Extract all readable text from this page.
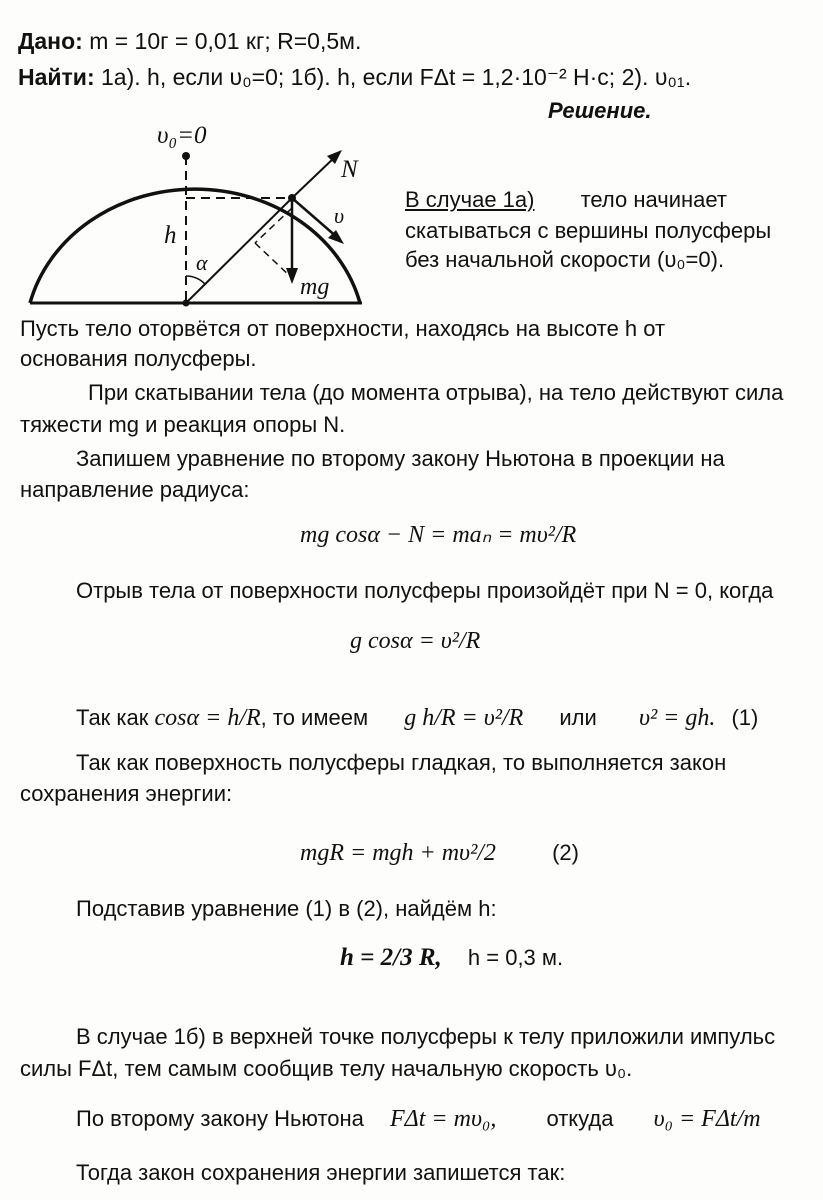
Дано: m = 10г = 0,01 кг; R=0,5м.
Найти: 1а). h, если υ₀=0; 1б). h, если FΔt = 1,2·10⁻² H·c; 2). υ₀₁.
Решение.
υ₀=0
N
υ
h
α
mg
В случае 1а) тело начинает
скатываться с вершины полусферы
без начальной скорости (υ₀=0).
Пусть тело оторвётся от поверхности, находясь на высоте h от
основания полусферы.
При скатывании тела (до момента отрыва), на тело действуют сила
тяжести mg и реакция опоры N.
Запишем уравнение по второму закону Ньютона в проекции на
направление радиуса:
mg cosα − N = maₙ = mυ²/R
Отрыв тела от поверхности полусферы произойдёт при N = 0, когда
g cosα = υ²/R
Так как cosα = h/R, то имеем g h/R = υ²/R или υ² = gh. (1)
Так как поверхность полусферы гладкая, то выполняется закон
сохранения энергии:
mgR = mgh + mυ²/2	(2)
Подставив уравнение (1) в (2), найдём h:
h = 2/3 R, h = 0,3 м.
В случае 1б) в верхней точке полусферы к телу приложили импульс
силы FΔt, тем самым сообщив телу начальную скорость υ₀.
По второму закону Ньютона FΔt = mυ₀, откуда υ₀ = FΔt/m
Тогда закон сохранения энергии запишется так:
